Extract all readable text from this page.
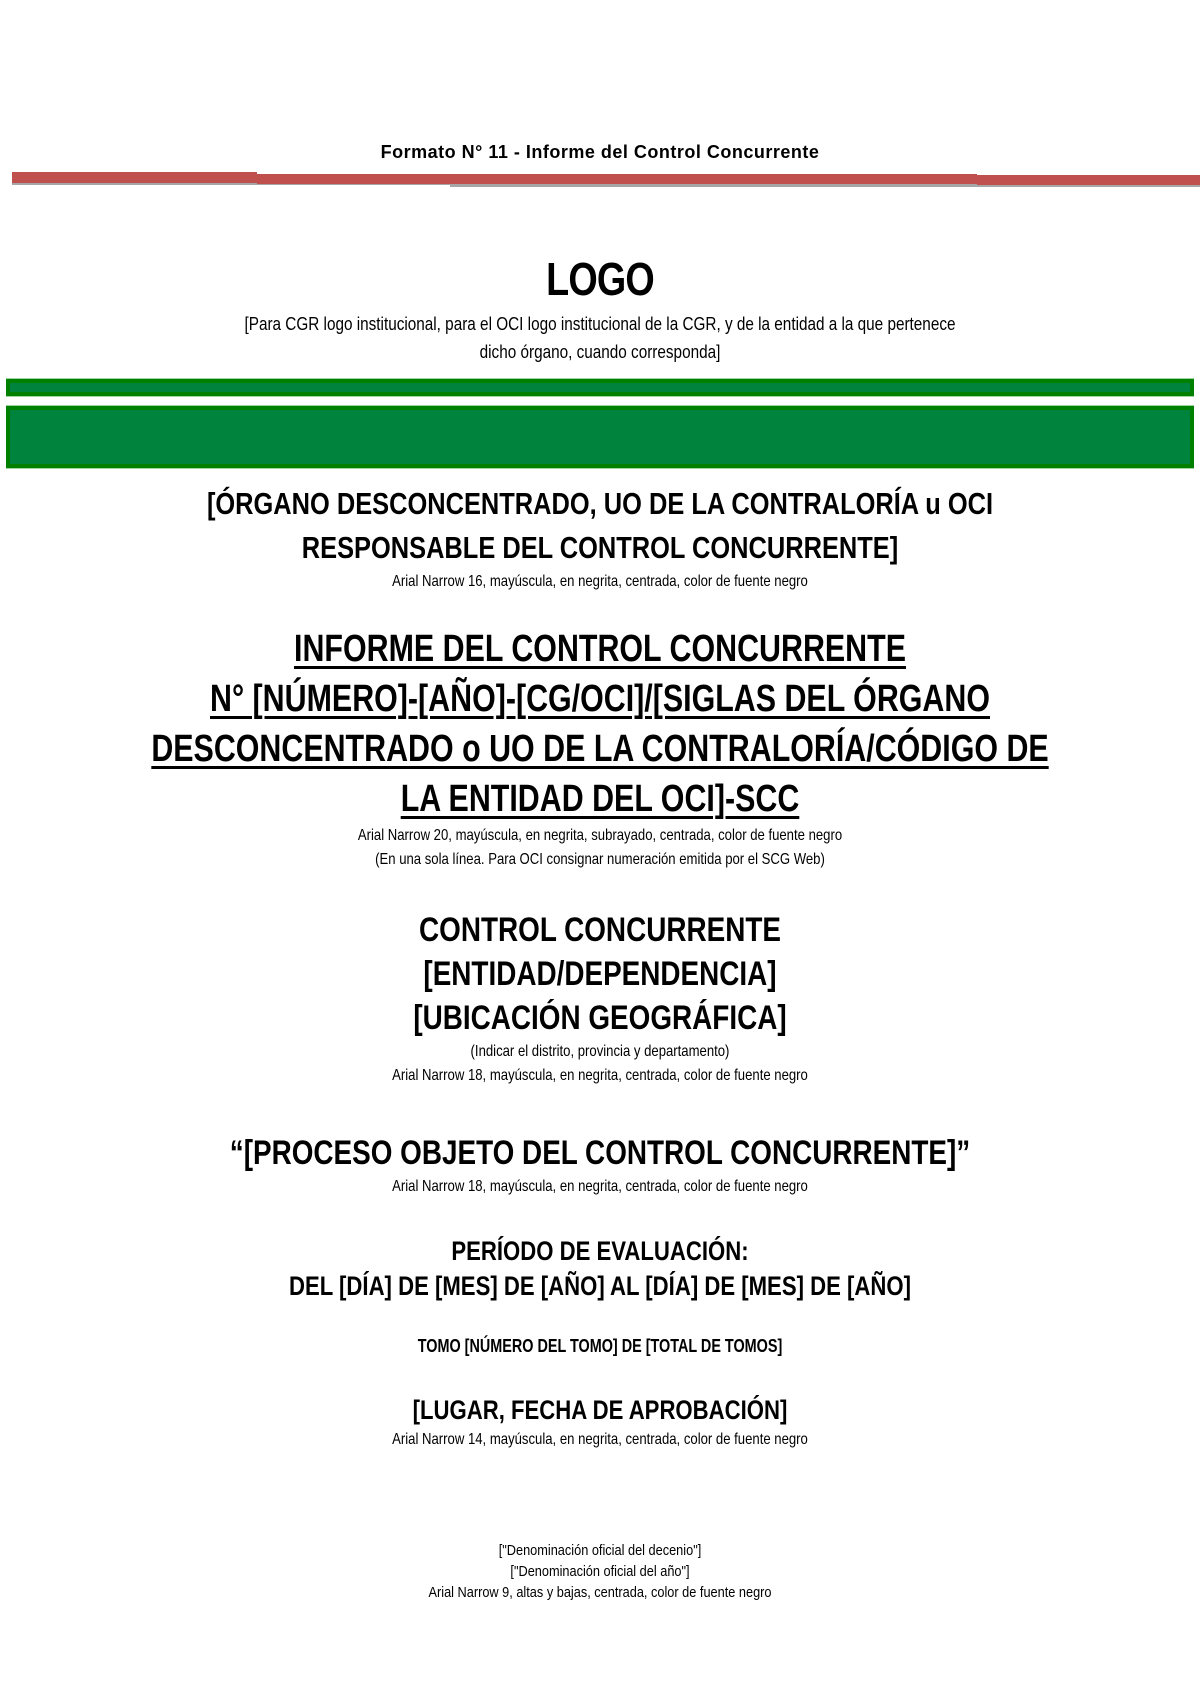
Formato N° 11 - Informe del Control Concurrente
LOGO
[Para CGR logo institucional, para el OCI logo institucional de la CGR, y de la entidad a la que pertenece
dicho órgano, cuando corresponda]
[ÓRGANO DESCONCENTRADO, UO DE LA CONTRALORÍA u OCI
RESPONSABLE DEL CONTROL CONCURRENTE]
Arial Narrow 16, mayúscula, en negrita, centrada, color de fuente negro
INFORME DEL CONTROL CONCURRENTE
N° [NÚMERO]-[AÑO]-[CG/OCI]/[SIGLAS DEL ÓRGANO
DESCONCENTRADO o UO DE LA CONTRALORÍA/CÓDIGO DE
LA ENTIDAD DEL OCI]-SCC
Arial Narrow 20, mayúscula, en negrita, subrayado, centrada, color de fuente negro
(En una sola línea. Para OCI consignar numeración emitida por el SCG Web)
CONTROL CONCURRENTE
[ENTIDAD/DEPENDENCIA]
[UBICACIÓN GEOGRÁFICA]
(Indicar el distrito, provincia y departamento)
Arial Narrow 18, mayúscula, en negrita, centrada, color de fuente negro
“[PROCESO OBJETO DEL CONTROL CONCURRENTE]”
Arial Narrow 18, mayúscula, en negrita, centrada, color de fuente negro
PERÍODO DE EVALUACIÓN:
DEL [DÍA] DE [MES] DE [AÑO] AL [DÍA] DE [MES] DE [AÑO]
TOMO [NÚMERO DEL TOMO] DE [TOTAL DE TOMOS]
[LUGAR, FECHA DE APROBACIÓN]
Arial Narrow 14, mayúscula, en negrita, centrada, color de fuente negro
["Denominación oficial del decenio"]
["Denominación oficial del año"]
Arial Narrow 9, altas y bajas, centrada, color de fuente negro
